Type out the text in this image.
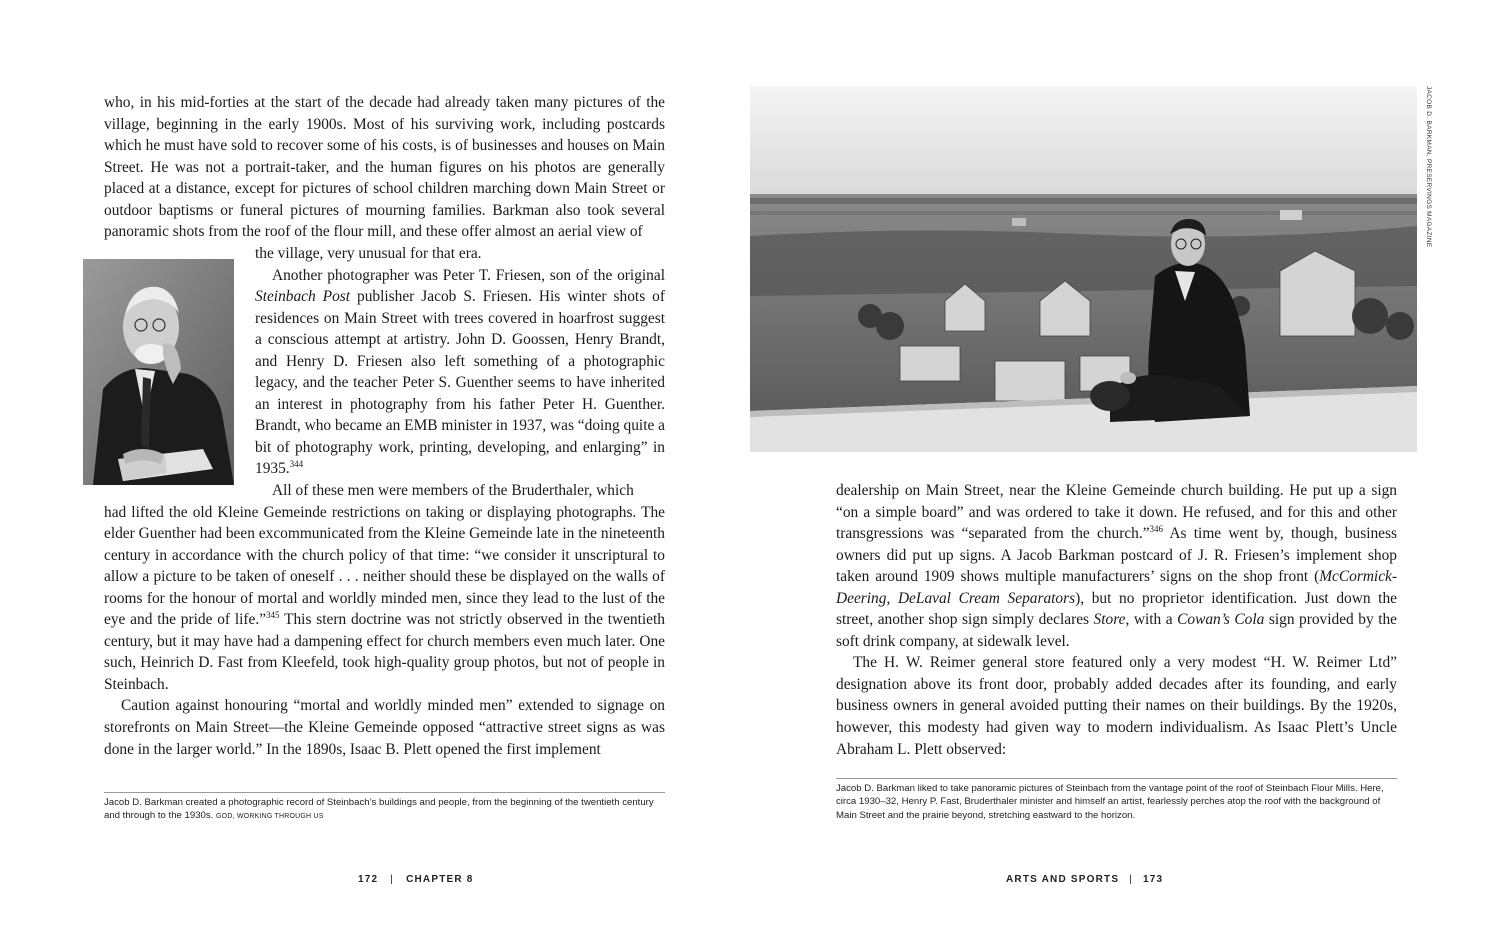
who, in his mid-forties at the start of the decade had already taken many pictures of the village, beginning in the early 1900s. Most of his surviving work, including postcards which he must have sold to recover some of his costs, is of businesses and houses on Main Street. He was not a portrait-taker, and the human figures on his photos are generally placed at a distance, except for pictures of school children marching down Main Street or outdoor baptisms or funeral pictures of mourning families. Barkman also took several panoramic shots from the roof of the flour mill, and these offer almost an aerial view of

the village, very unusual for that era.

Another photographer was Peter T. Friesen, son of the original Steinbach Post publisher Jacob S. Friesen. His winter shots of residences on Main Street with trees covered in hoarfrost suggest a conscious attempt at artistry. John D. Goossen, Henry Brandt, and Henry D. Friesen also left something of a photographic legacy, and the teacher Peter S. Guenther seems to have inherited an interest in photography from his father Peter H. Guenther. Brandt, who became an EMB minister in 1937, was “doing quite a bit of photography work, printing, developing, and enlarging” in 1935.$^{344}$

All of these men were members of the Bruderthaler, which

had lifted the old Kleine Gemeinde restrictions on taking or displaying photographs. The elder Guenther had been excommunicated from the Kleine Gemeinde late in the nineteenth century in accordance with the church policy of that time: “we consider it unscriptural to allow a picture to be taken of oneself . . . neither should these be displayed on the walls of rooms for the honour of mortal and worldly minded men, since they lead to the lust of the eye and the pride of life.”$^{345}$ This stern doctrine was not strictly observed in the twentieth century, but it may have had a dampening effect for church members even much later. One such, Heinrich D. Fast from Kleefeld, took high-quality group photos, but not of people in Steinbach.

Caution against honouring “mortal and worldly minded men” extended to signage on storefronts on Main Street—the Kleine Gemeinde opposed “attractive street signs as was done in the larger world.” In the 1890s, Isaac B. Plett opened the first implement

Jacob D. Barkman created a photographic record of Steinbach’s buildings and people, from the beginning of the twentieth century and through to the 1930s. GOD, WORKING THROUGH US
172 | CHAPTER 8
JACOB D. BARKMAN, PRESERVINGS MAGAZINE

dealership on Main Street, near the Kleine Gemeinde church building. He put up a sign “on a simple board” and was ordered to take it down. He refused, and for this and other transgressions was “separated from the church.”$^{346}$ As time went by, though, business owners did put up signs. A Jacob Barkman postcard of J. R. Friesen’s implement shop taken around 1909 shows multiple manufacturers’ signs on the shop front (McCormick-Deering, DeLaval Cream Separators), but no proprietor identification. Just down the street, another shop sign simply declares Store, with a Cowan’s Cola sign provided by the soft drink company, at sidewalk level.

The H. W. Reimer general store featured only a very modest “H. W. Reimer Ltd” designation above its front door, probably added decades after its founding, and early business owners in general avoided putting their names on their buildings. By the 1920s, however, this modesty had given way to modern individualism. As Isaac Plett’s Uncle Abraham L. Plett observed:

Jacob D. Barkman liked to take panoramic pictures of Steinbach from the vantage point of the roof of Steinbach Flour Mills. Here, circa 1930–32, Henry P. Fast, Bruderthaler minister and himself an artist, fearlessly perches atop the roof with the background of Main Street and the prairie beyond, stretching eastward to the horizon.
ARTS AND SPORTS | 173
